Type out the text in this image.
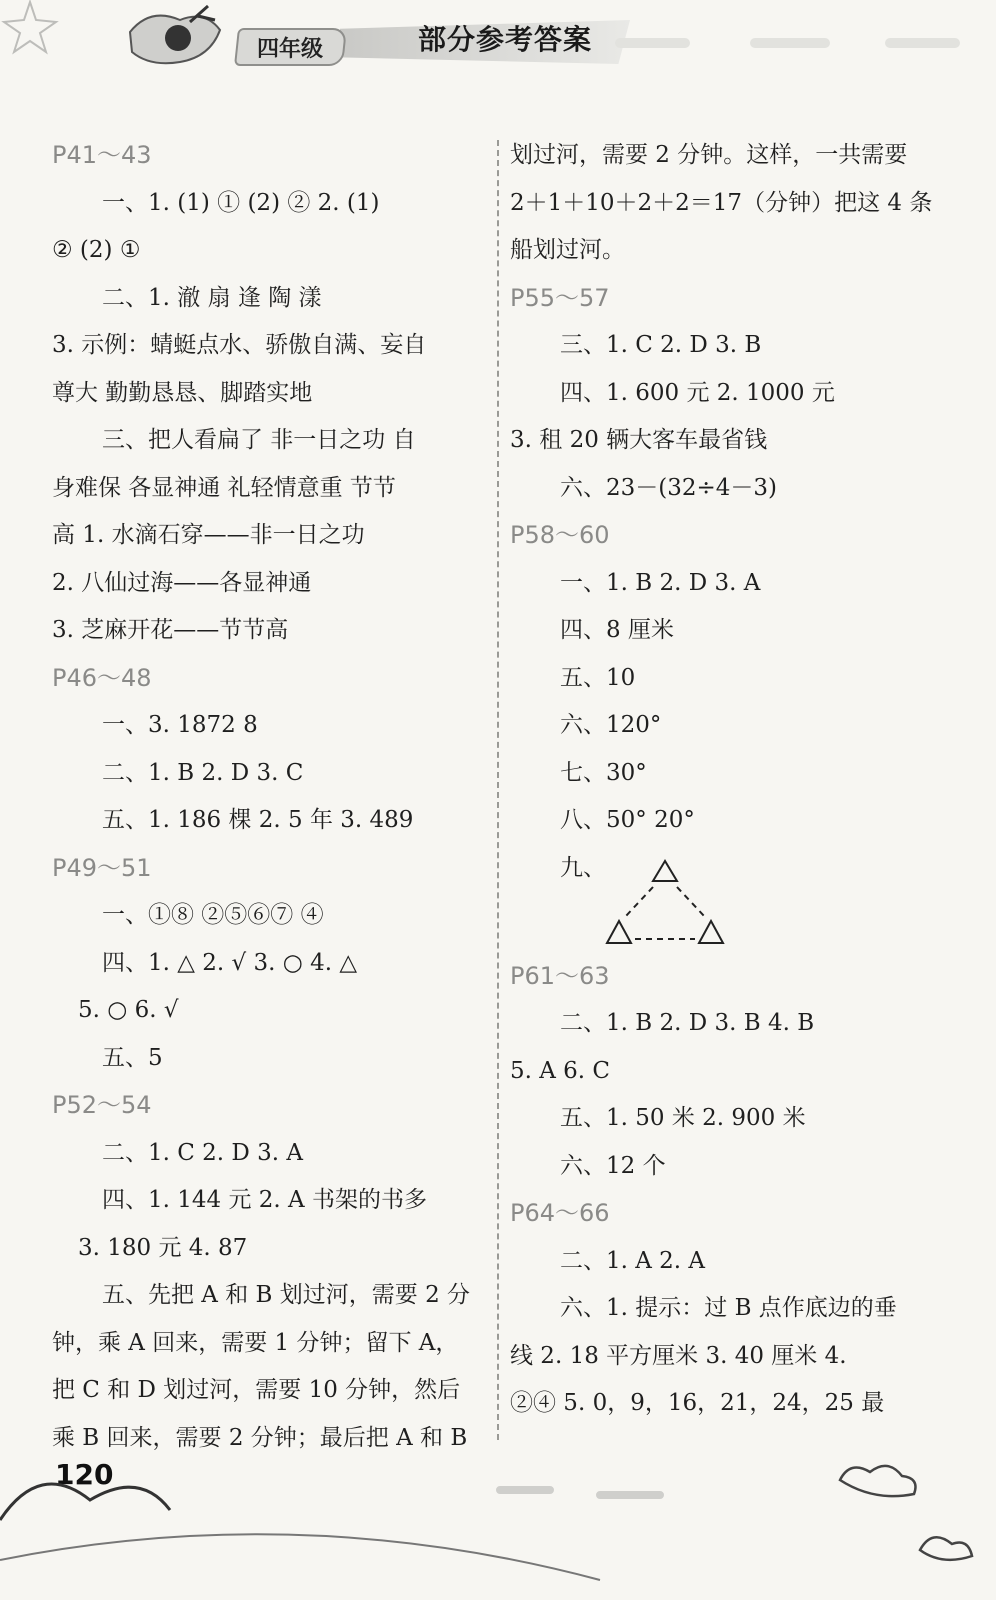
四年级	部分参考答案
P41～43
一、1. (1) ① (2) ② 2. (1)
② (2) ①
二、1. 澈 扇 逢 陶 漾
3. 示例：蜻蜓点水、骄傲自满、妄自
尊大 勤勤恳恳、脚踏实地
三、把人看扁了 非一日之功 自
身难保 各显神通 礼轻情意重 节节
高 1. 水滴石穿——非一日之功
2. 八仙过海——各显神通
3. 芝麻开花——节节高
P46～48
一、3. 1872 8
二、1. B 2. D 3. C
五、1. 186 棵 2. 5 年 3. 489
P49～51
一、①⑧ ②⑤⑥⑦ ④
四、1. △ 2. √ 3. ○ 4. △
5. ○ 6. √
五、5
P52～54
二、1. C 2. D 3. A
四、1. 144 元 2. A 书架的书多
3. 180 元 4. 87
五、先把 A 和 B 划过河，需要 2 分
钟，乘 A 回来，需要 1 分钟；留下 A，
把 C 和 D 划过河，需要 10 分钟，然后
乘 B 回来，需要 2 分钟；最后把 A 和 B
划过河，需要 2 分钟。这样，一共需要
2＋1＋10＋2＋2＝17（分钟）把这 4 条
船划过河。
P55～57
三、1. C 2. D 3. B
四、1. 600 元 2. 1000 元
3. 租 20 辆大客车最省钱
六、23－(32÷4－3)
P58～60
一、1. B 2. D 3. A
四、8 厘米
五、10
六、120°
七、30°
八、50° 20°
九、
P61～63
二、1. B 2. D 3. B 4. B
5. A 6. C
五、1. 50 米 2. 900 米
六、12 个
P64～66
二、1. A 2. A
六、1. 提示：过 B 点作底边的垂
线 2. 18 平方厘米 3. 40 厘米 4.
②④ 5. 0，9，16，21，24，25 最
120
